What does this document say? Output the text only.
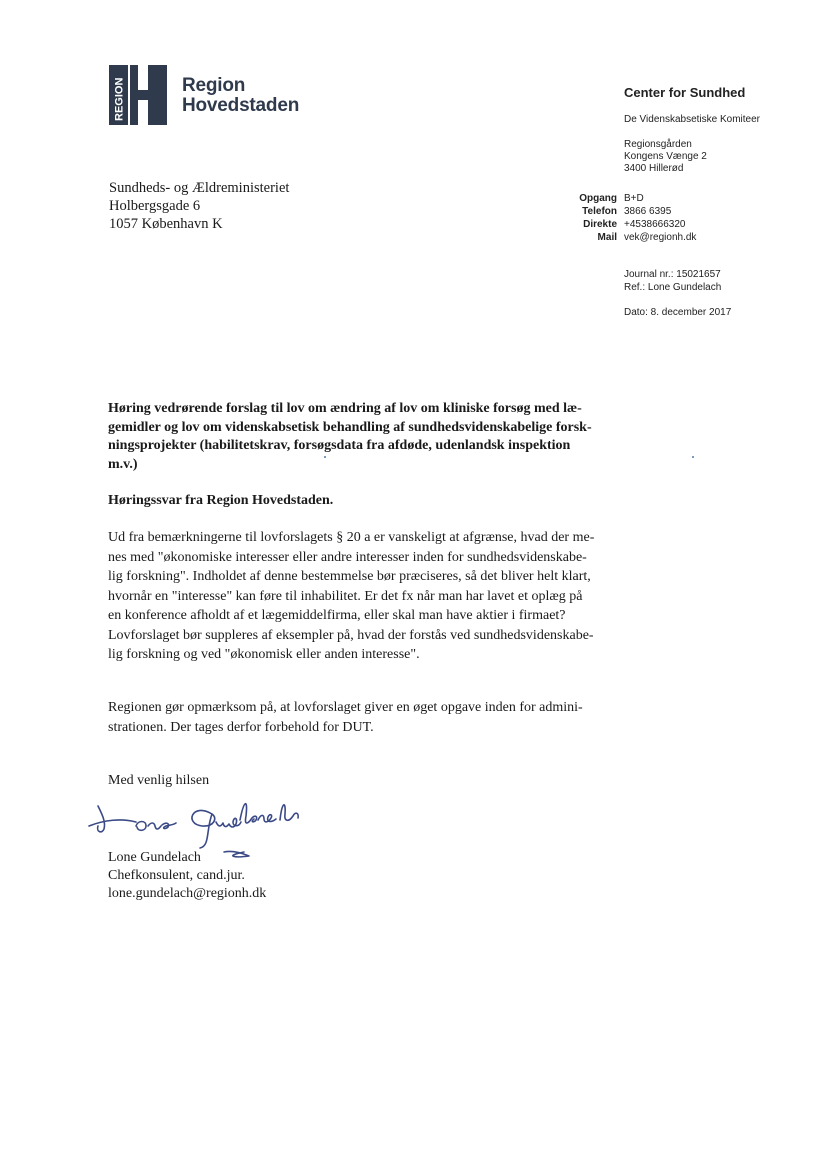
REGION	Region
Hovedstaden
Center for Sundhed
De Videnskabsetiske Komiteer
Regionsgården
Kongens Vænge 2
3400 Hillerød
Opgang B+D
Telefon 3866 6395
Direkte +4538666320
Mail vek@regionh.dk
Journal nr.: 15021657
Ref.: Lone Gundelach
Dato: 8. december 2017
Sundheds- og Ældreministeriet
Holbergsgade 6
1057 København K
Høring vedrørende forslag til lov om ændring af lov om kliniske forsøg med læ-
gemidler og lov om videnskabsetisk behandling af sundhedsvidenskabelige forsk-
ningsprojekter (habilitetskrav, forsøgsdata fra afdøde, udenlandsk inspektion
m.v.)
Høringssvar fra Region Hovedstaden.
Ud fra bemærkningerne til lovforslagets § 20 a er vanskeligt at afgrænse, hvad der me-
nes med "økonomiske interesser eller andre interesser inden for sundhedsvidenskabe-
lig forskning". Indholdet af denne bestemmelse bør præciseres, så det bliver helt klart,
hvornår en "interesse" kan føre til inhabilitet. Er det fx når man har lavet et oplæg på
en konference afholdt af et lægemiddelfirma, eller skal man have aktier i firmaet?
Lovforslaget bør suppleres af eksempler på, hvad der forstås ved sundhedsvidenskabe-
lig forskning og ved "økonomisk eller anden interesse".
Regionen gør opmærksom på, at lovforslaget giver en øget opgave inden for admini-
strationen. Der tages derfor forbehold for DUT.
Med venlig hilsen
Lone Gundelach
Chefkonsulent, cand.jur.
lone.gundelach@regionh.dk
